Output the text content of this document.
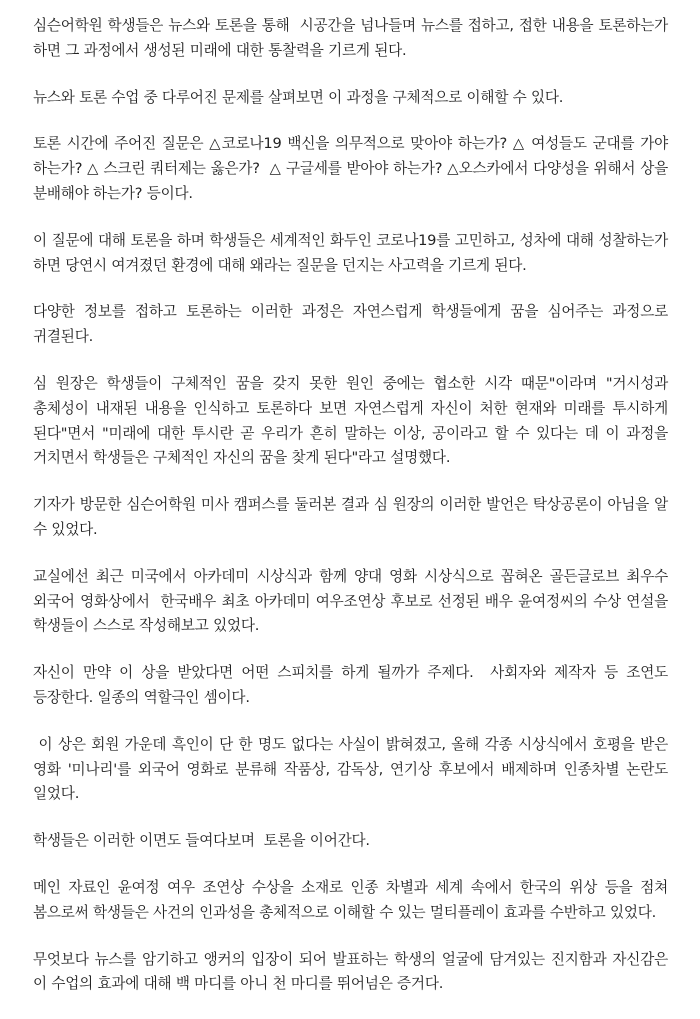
심슨어학원 학생들은 뉴스와 토론을 통해  시공간을 넘나들며 뉴스를 접하고, 접한 내용을 토론하는가 하면 그 과정에서 생성된 미래에 대한 통찰력을 기르게 된다.

뉴스와 토론 수업 중 다루어진 문제를 살펴보면 이 과정을 구체적으로 이해할 수 있다.

토론 시간에 주어진 질문은 △코로나19 백신을 의무적으로 맞아야 하는가? △ 여성들도 군대를 가야 하는가? △ 스크린 쿼터제는 옳은가?  △ 구글세를 받아야 하는가? △오스카에서 다양성을 위해서 상을 분배해야 하는가? 등이다.

이 질문에 대해 토론을 하며 학생들은 세계적인 화두인 코로나19를 고민하고, 성차에 대해 성찰하는가 하면 당연시 여겨졌던 환경에 대해 왜라는 질문을 던지는 사고력을 기르게 된다.

다양한 정보를 접하고 토론하는 이러한 과정은 자연스럽게 학생들에게 꿈을 심어주는 과정으로 귀결된다.

심 원장은 학생들이 구체적인 꿈을 갖지 못한 원인 중에는 협소한 시각 때문"이라며 "거시성과 총체성이 내재된 내용을 인식하고 토론하다 보면 자연스럽게 자신이 처한 현재와 미래를 투시하게 된다"면서 "미래에 대한 투시란 곧 우리가 흔히 말하는 이상, 공이라고 할 수 있다는 데 이 과정을 거치면서 학생들은 구체적인 자신의 꿈을 찾게 된다"라고 설명했다.

기자가 방문한 심슨어학원 미사 캠퍼스를 둘러본 결과 심 원장의 이러한 발언은 탁상공론이 아님을 알 수 있었다.

교실에선 최근 미국에서 아카데미 시상식과 함께 양대 영화 시상식으로 꼽혀온 골든글로브 최우수 외국어 영화상에서  한국배우 최초 아카데미 여우조연상 후보로 선정된 배우 윤여정씨의 수상 연설을 학생들이 스스로 작성해보고 있었다.

자신이 만약 이 상을 받았다면 어떤 스피치를 하게 될까가 주제다.  사회자와 제작자 등 조연도 등장한다. 일종의 역할극인 셈이다.

이 상은 회원 가운데 흑인이 단 한 명도 없다는 사실이 밝혀졌고, 올해 각종 시상식에서 호평을 받은 영화 '미나리'를 외국어 영화로 분류해 작품상, 감독상, 연기상 후보에서 배제하며 인종차별 논란도 일었다.

학생들은 이러한 이면도 들여다보며  토론을 이어간다.

메인 자료인 윤여정 여우 조연상 수상을 소재로 인종 차별과 세계 속에서 한국의 위상 등을 점쳐 봄으로써 학생들은 사건의 인과성을 총체적으로 이해할 수 있는 멀티플레이 효과를 수반하고 있었다.

무엇보다 뉴스를 암기하고 앵커의 입장이 되어 발표하는 학생의 얼굴에 담겨있는 진지함과 자신감은 이 수업의 효과에 대해 백 마디를 아니 천 마디를 뛰어넘은 증거다.
